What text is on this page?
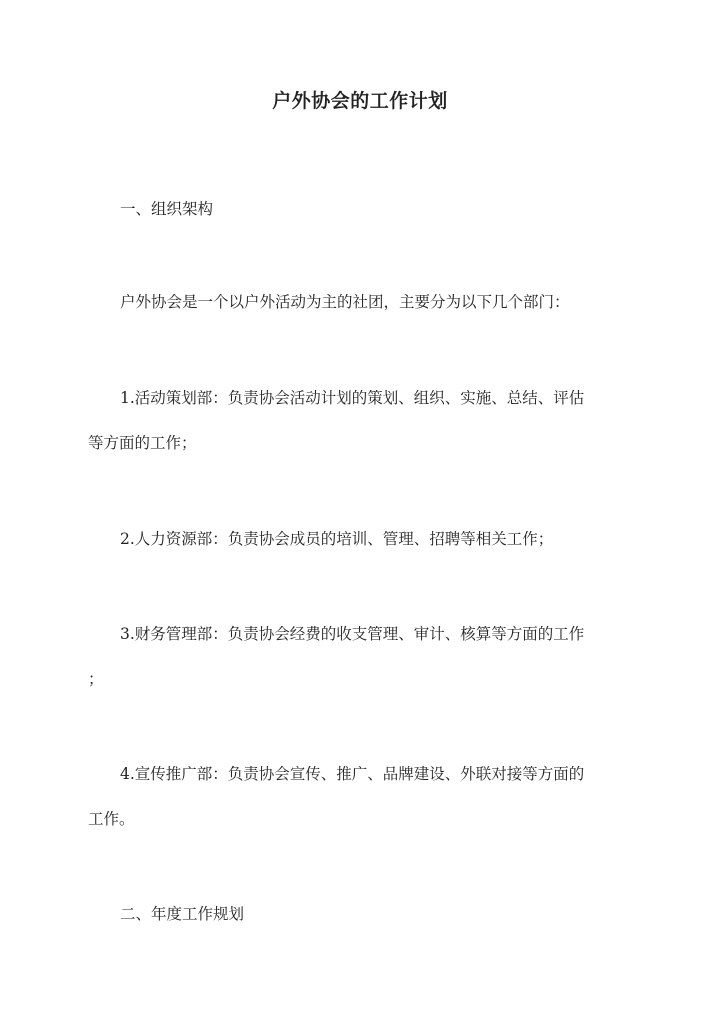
户外协会的工作计划
一、组织架构
户外协会是一个以户外活动为主的社团，主要分为以下几个部门：
1.活动策划部：负责协会活动计划的策划、组织、实施、总结、评估
等方面的工作；
2.人力资源部：负责协会成员的培训、管理、招聘等相关工作；
3.财务管理部：负责协会经费的收支管理、审计、核算等方面的工作
；
4.宣传推广部：负责协会宣传、推广、品牌建设、外联对接等方面的
工作。
二、年度工作规划
